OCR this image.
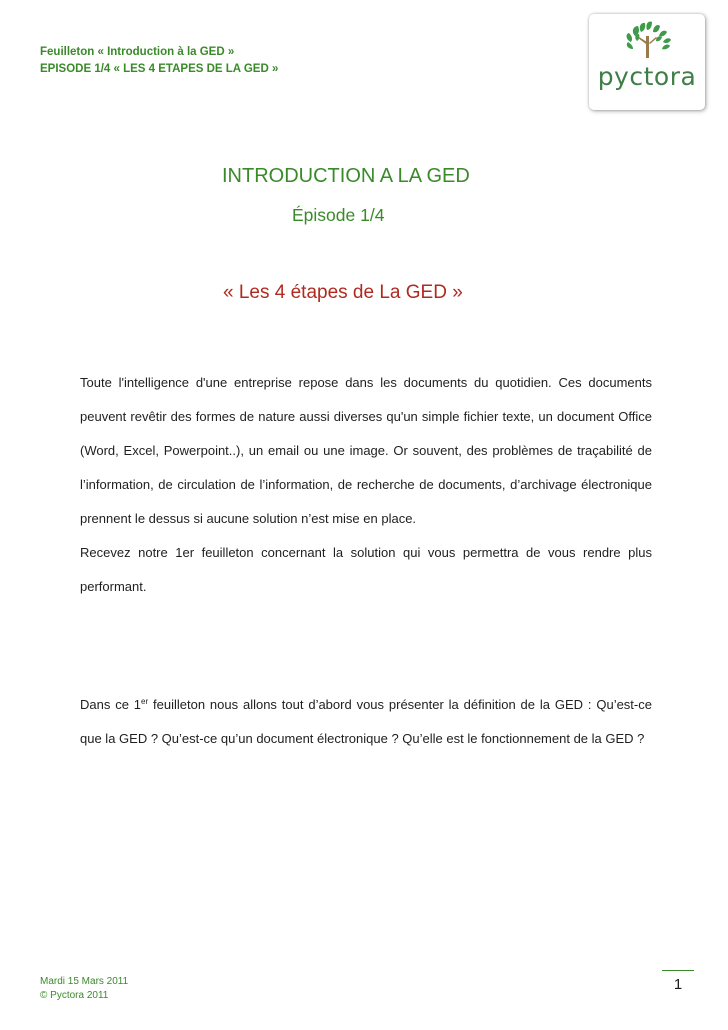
Feuilleton « Introduction à la GED »
EPISODE 1/4 « LES 4 ETAPES DE LA GED »	pyctora
INTRODUCTION A LA GED
Épisode 1/4
« Les 4 étapes de La GED »

Toute l'intelligence d'une entreprise repose dans les documents du quotidien. Ces documents peuvent revêtir des formes de nature aussi diverses qu'un simple fichier texte, un document Office (Word, Excel, Powerpoint..), un email ou une image. Or souvent, des problèmes de traçabilité de l’information, de circulation de l’information, de recherche de documents, d’archivage électronique prennent le dessus si aucune solution n’est mise en place.

Recevez notre 1er feuilleton concernant la solution qui vous permettra de vous rendre plus performant.

Dans ce 1er feuilleton nous allons tout d’abord vous présenter la définition de la GED : Qu’est-ce que la GED ? Qu’est-ce qu’un document électronique ? Qu’elle est le fonctionnement de la GED ?

Mardi 15 Mars 2011
© Pyctora 2011
1
